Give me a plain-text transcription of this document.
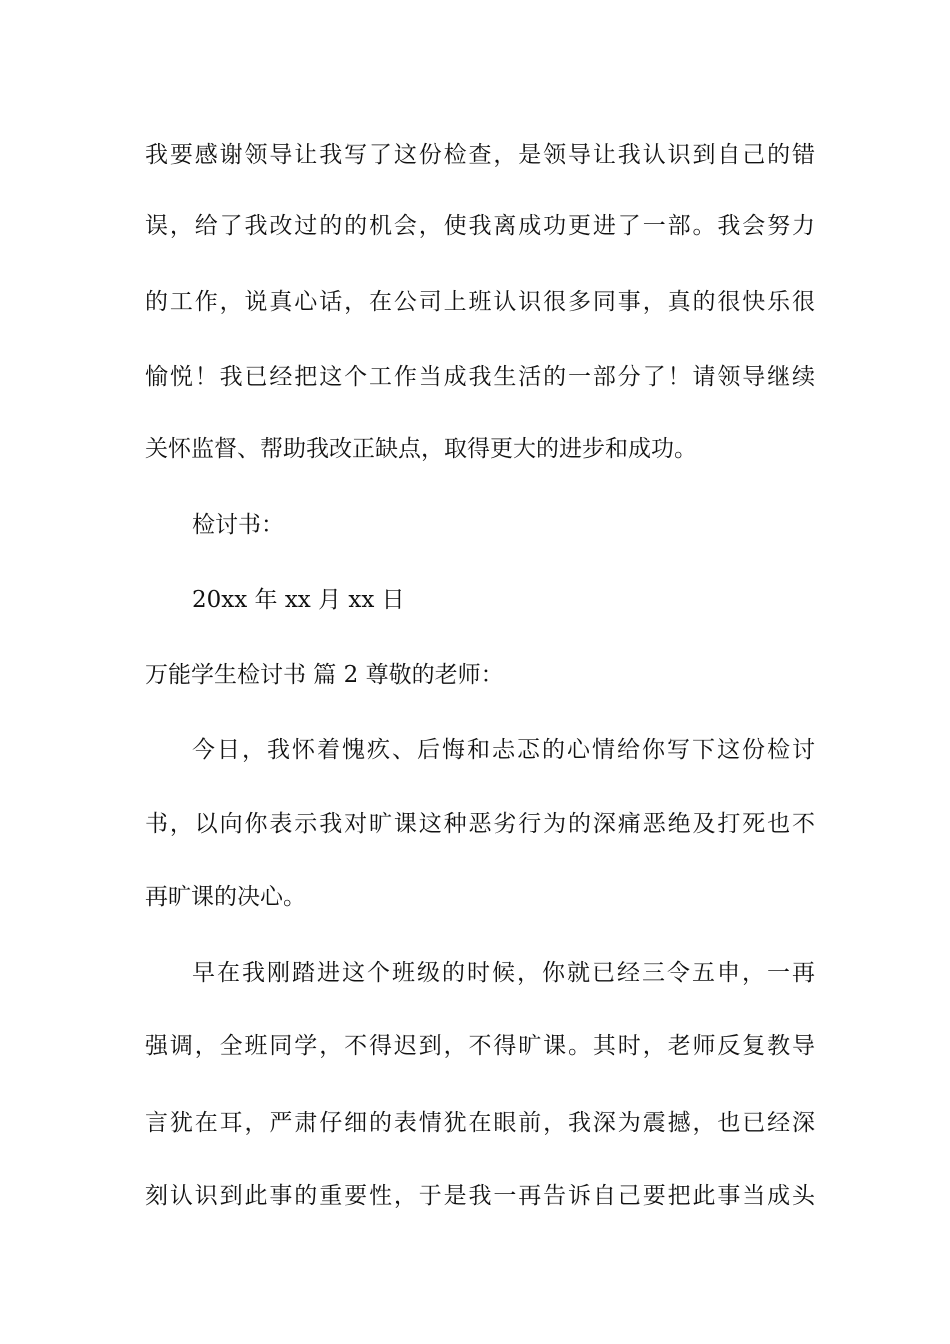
我要感谢领导让我写了这份检查，是领导让我认识到自己的错
误，给了我改过的的机会，使我离成功更进了一部。我会努力
的工作，说真心话，在公司上班认识很多同事，真的很快乐很
愉悦！我已经把这个工作当成我生活的一部分了！请领导继续
关怀监督、帮助我改正缺点，取得更大的进步和成功。
检讨书：
20xx 年 xx 月 xx 日
万能学生检讨书 篇 2 尊敬的老师：
今日，我怀着愧疚、后悔和忐忑的心情给你写下这份检讨
书，以向你表示我对旷课这种恶劣行为的深痛恶绝及打死也不
再旷课的决心。
早在我刚踏进这个班级的时候，你就已经三令五申，一再
强调，全班同学，不得迟到，不得旷课。其时，老师反复教导
言犹在耳，严肃仔细的表情犹在眼前，我深为震撼，也已经深
刻认识到此事的重要性，于是我一再告诉自己要把此事当成头
